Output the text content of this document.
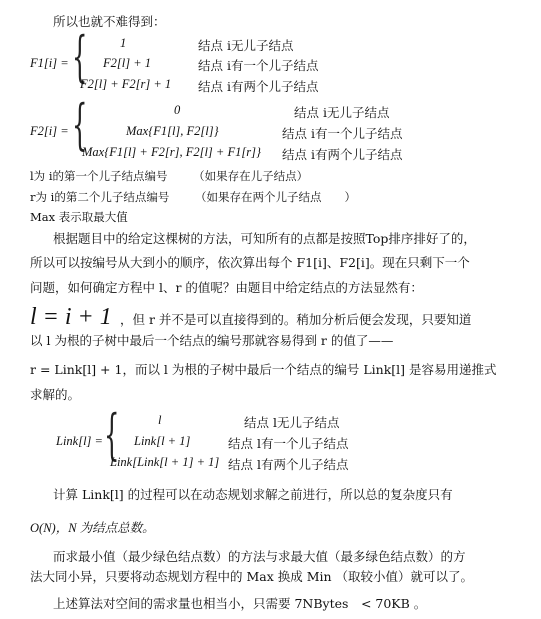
所以也就不难得到：
F1[i] = {	1	结点 i无儿子结点
F2[l] + 1	结点 i有一个儿子结点
F2[l] + F2[r] + 1 结点 i有两个儿子结点
F2[i] = {	0	结点 i无儿子结点
Max{F1[l], F2[l]}	结点 i有一个儿子结点
Max{F1[l] + F2[r], F2[l] + F1[r]} 结点 i有两个儿子结点
l为 i的第一个儿子结点编号 （如果存在儿子结点）
r为 i的第二个儿子结点编号 （如果存在两个儿子结点　　）
Max 表示取最大值
根据题目中的给定这棵树的方法，可知所有的点都是按照Top排序排好了的，
所以可以按编号从大到小的顺序，依次算出每个 F1[i]、F2[i]。现在只剩下一个
问题，如何确定方程中 l、r 的值呢？由题目中给定结点的方法显然有：
l = i + 1 ，但 r 并不是可以直接得到的。稍加分析后便会发现，只要知道
以 l 为根的子树中最后一个结点的编号那就容易得到 r 的值了——
r = Link[l] + 1，而以 l 为根的子树中最后一个结点的编号 Link[l] 是容易用递推式
求解的。
Link[l] = {	l	结点 l无儿子结点
Link[l + 1]	结点 l有一个儿子结点
Link[Link[l + 1] + 1] 结点 l有两个儿子结点
计算 Link[l] 的过程可以在动态规划求解之前进行，所以总的复杂度只有
O(N)，N 为结点总数。
而求最小值（最少绿色结点数）的方法与求最大值（最多绿色结点数）的方
法大同小异，只要将动态规划方程中的 Max 换成 Min （取较小值）就可以了。
上述算法对空间的需求量也相当小，只需要 7NBytes　< 70KB 。
